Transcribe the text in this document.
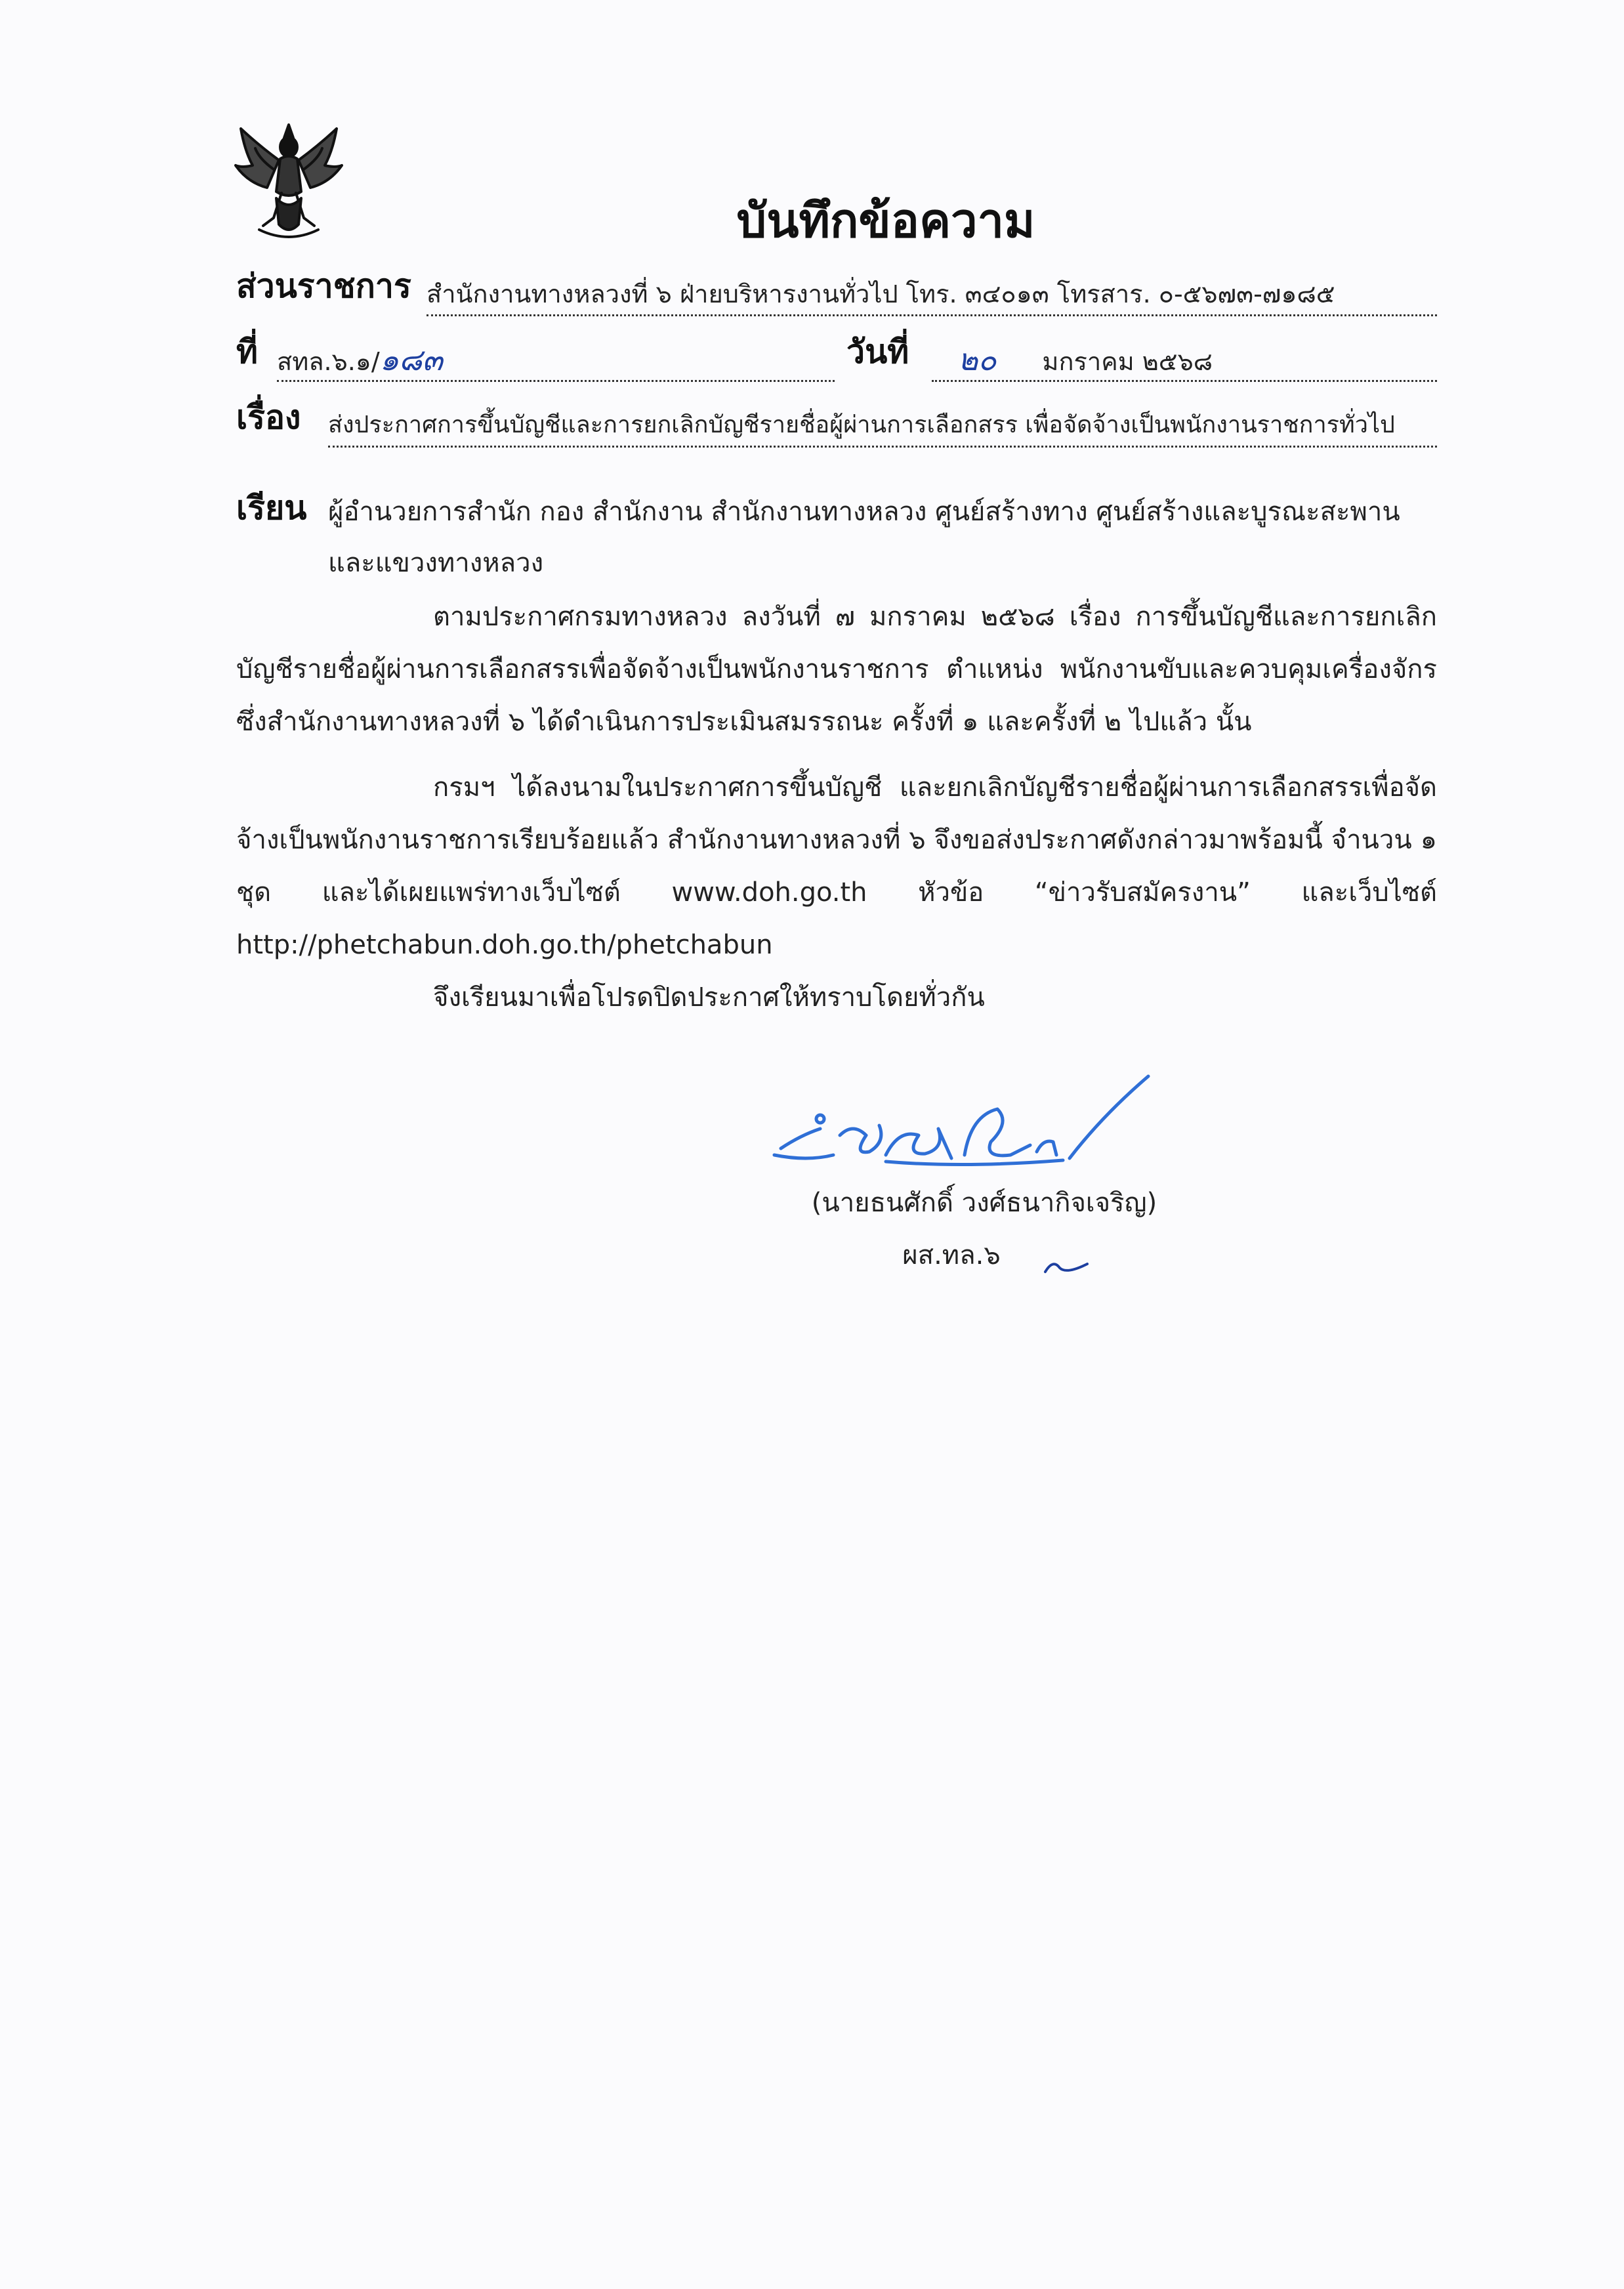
บันทึกข้อความ
ส่วนราชการ สำนักงานทางหลวงที่ ๖ ฝ่ายบริหารงานทั่วไป โทร. ๓๔๐๑๓ โทรสาร. ๐-๕๖๗๓-๗๑๘๕
ที่ สทล.๖.๑/๑๘๓	วันที่	๒๐ มกราคม ๒๕๖๘
เรื่อง ส่งประกาศการขึ้นบัญชีและการยกเลิกบัญชีรายชื่อผู้ผ่านการเลือกสรร เพื่อจัดจ้างเป็นพนักงานราชการทั่วไป
เรียน ผู้อำนวยการสำนัก กอง สำนักงาน สำนักงานทางหลวง ศูนย์สร้างทาง ศูนย์สร้างและบูรณะสะพาน และแขวงทางหลวง
ตามประกาศกรมทางหลวง ลงวันที่ ๗ มกราคม ๒๕๖๘ เรื่อง การขึ้นบัญชีและการยกเลิกบัญชีรายชื่อผู้ผ่านการเลือกสรรเพื่อจัดจ้างเป็นพนักงานราชการ ตำแหน่ง พนักงานขับและควบคุมเครื่องจักร ซึ่งสำนักงานทางหลวงที่ ๖ ได้ดำเนินการประเมินสมรรถนะ ครั้งที่ ๑ และครั้งที่ ๒ ไปแล้ว นั้น
กรมฯ ได้ลงนามในประกาศการขึ้นบัญชี และยกเลิกบัญชีรายชื่อผู้ผ่านการเลือกสรรเพื่อจัดจ้างเป็นพนักงานราชการเรียบร้อยแล้ว สำนักงานทางหลวงที่ ๖ จึงขอส่งประกาศดังกล่าวมาพร้อมนี้ จำนวน ๑ ชุด และได้เผยแพร่ทางเว็บไซต์ www.doh.go.th หัวข้อ “ข่าวรับสมัครงาน” และเว็บไซต์ http://phetchabun.doh.go.th/phetchabun
จึงเรียนมาเพื่อโปรดปิดประกาศให้ทราบโดยทั่วกัน
(นายธนศักดิ์ วงศ์ธนากิจเจริญ)
ผส.ทล.๖
